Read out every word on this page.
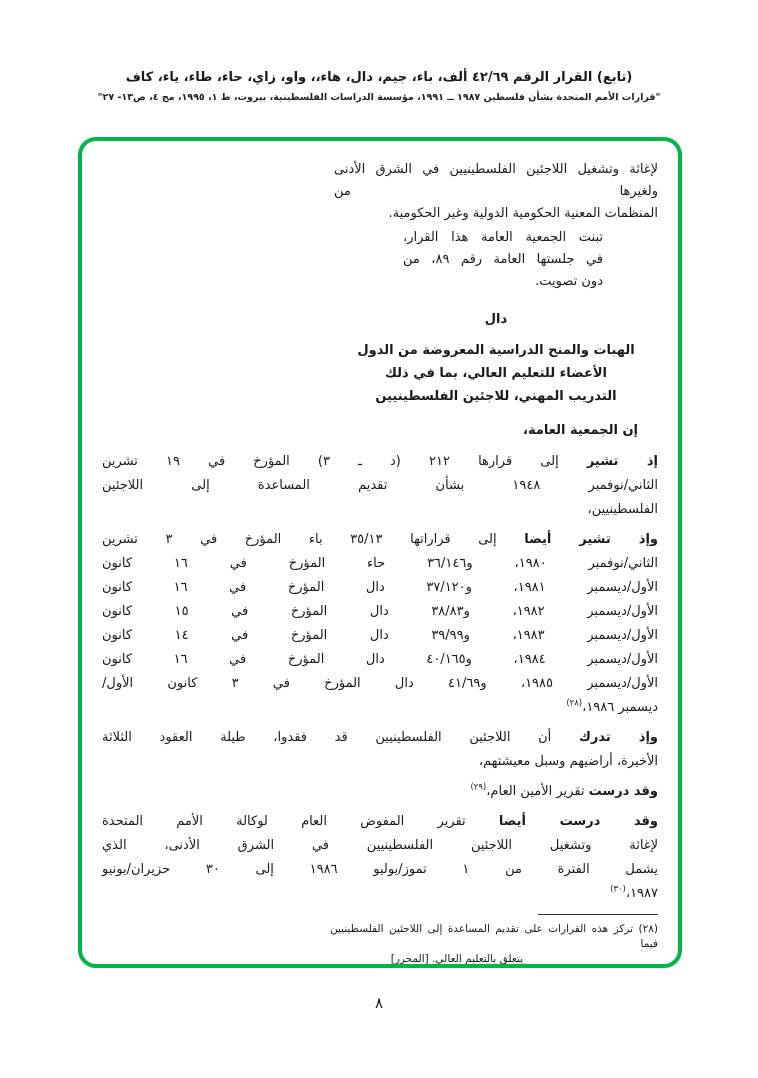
(تابع) القرار الرقم ٤٢/٦٩ ألف، باء، جيم، دال، هاء،، واو، زاي، حاء، طاء، ياء، كاف
"قرارات الأمم المتحدة بشأن فلسطين ١٩٨٧ ــ ١٩٩١، مؤسسة الدراسات الفلسطينية، بيروت، ط ١، ١٩٩٥، مج ٤، ص١٣- ٢٧"
لإغاثة وتشغيل اللاجئين الفلسطينيين في الشرق الأدنى ولغيرها من
المنظمات المعنية الحكومية الدولية وغير الحكومية.
تبنت الجمعية العامة هذا القرار،
في جلستها العامة رقم ٨٩، من
دون تصويت.
دال
الهبات والمنح الدراسية المعروضة من الدول
الأعضاء للتعليم العالي، بما في ذلك
التدريب المهني، للاجئين الفلسطينيين
إن الجمعية العامة،
إذ تشير إلى قرارها ٢١٢ (د ـ ٣) المؤرخ في ١٩ تشرين
الثاني/نوفمبر ١٩٤٨ بشأن تقديم المساعدة إلى اللاجئين
الفلسطينيين،
وإذ تشير أيضا إلى قراراتها ٣٥/١٣ باء المؤرخ في ٣ تشرين
الثاني/نوفمبر ١٩٨٠، و٣٦/١٤٦ حاء المؤرخ في ١٦ كانون
الأول/ديسمبر ١٩٨١، و٣٧/١٢٠ دال المؤرخ في ١٦ كانون
الأول/ديسمبر ١٩٨٢، و٣٨/٨٣ دال المؤرخ في ١٥ كانون
الأول/ديسمبر ١٩٨٣، و٣٩/٩٩ دال المؤرخ في ١٤ كانون
الأول/ديسمبر ١٩٨٤، و٤٠/١٦٥ دال المؤرخ في ١٦ كانون
الأول/ديسمبر ١٩٨٥، و٤١/٦٩ دال المؤرخ في ٣ كانون الأول/
ديسمبر ١٩٨٦،$^{(٢٨)}$
وإذ تدرك أن اللاجئين الفلسطينيين قد فقدوا، طيلة العقود الثلاثة
الأخيرة، أراضيهم وسبل معيشتهم،
وقد درست تقرير الأمين العام،$^{(٢٩)}$
وقد درست أيضا تقرير المفوض العام لوكالة الأمم المتحدة
لإغاثة وتشغيل اللاجئين الفلسطينيين في الشرق الأدنى، الذي
يشمل الفترة من ١ تموز/يوليو ١٩٨٦ إلى ٣٠ حزيران/يونيو
١٩٨٧،$^{(٣٠)}$
(٢٨) تركز هذه القرارات على تقديم المساعدة إلى اللاجئين الفلسطينيين فيما
يتعلق بالتعليم العالي. [المحرر]
٨
